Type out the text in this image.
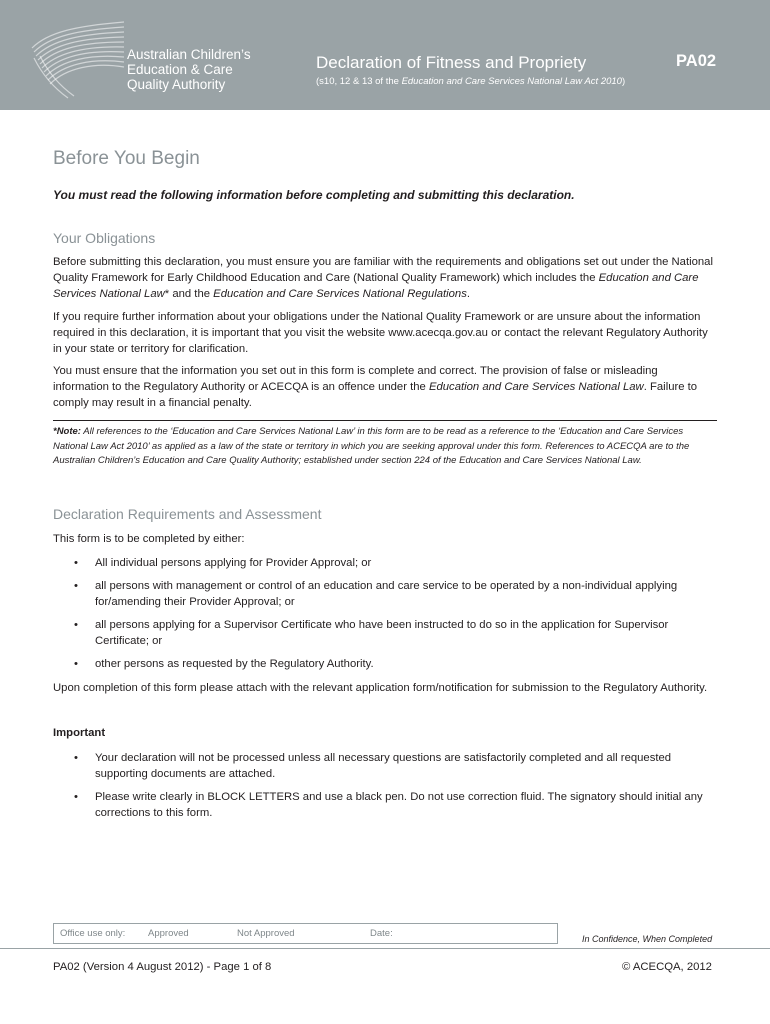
Australian Children’s
Education & Care
Quality Authority
Declaration of Fitness and Propriety	PA02
(s10, 12 & 13 of the Education and Care Services National Law Act 2010)
Before You Begin
You must read the following information before completing and submitting this declaration.
Your Obligations
Before submitting this declaration, you must ensure you are familiar with the requirements and obligations set out under the National Quality Framework for Early Childhood Education and Care (National Quality Framework) which includes the Education and Care Services National Law* and the Education and Care Services National Regulations.
If you require further information about your obligations under the National Quality Framework or are unsure about the information required in this declaration, it is important that you visit the website www.acecqa.gov.au or contact the relevant Regulatory Authority in your state or territory for clarification.
You must ensure that the information you set out in this form is complete and correct. The provision of false or misleading information to the Regulatory Authority or ACECQA is an offence under the Education and Care Services National Law. Failure to comply may result in a financial penalty.
*Note: All references to the ‘Education and Care Services National Law’ in this form are to be read as a reference to the ‘Education and Care Services National Law Act 2010’ as applied as a law of the state or territory in which you are seeking approval under this form. References to ACECQA are to the Australian Children’s Education and Care Quality Authority; established under section 224 of the Education and Care Services National Law.
Declaration Requirements and Assessment
This form is to be completed by either:
• All individual persons applying for Provider Approval; or
• all persons with management or control of an education and care service to be operated by a non-individual applying for/amending their Provider Approval; or
• all persons applying for a Supervisor Certificate who have been instructed to do so in the application for Supervisor Certificate; or
• other persons as requested by the Regulatory Authority.
Upon completion of this form please attach with the relevant application form/notification for submission to the Regulatory Authority.
Important
• Your declaration will not be processed unless all necessary questions are satisfactorily completed and all requested supporting documents are attached.
• Please write clearly in BLOCK LETTERS and use a black pen. Do not use correction fluid. The signatory should initial any corrections to this form.
Office use only: Approved	Not Approved	Date:	In Confidence, When Completed
PA02 (Version 4 August 2012) - Page 1 of 8	© ACECQA, 2012
